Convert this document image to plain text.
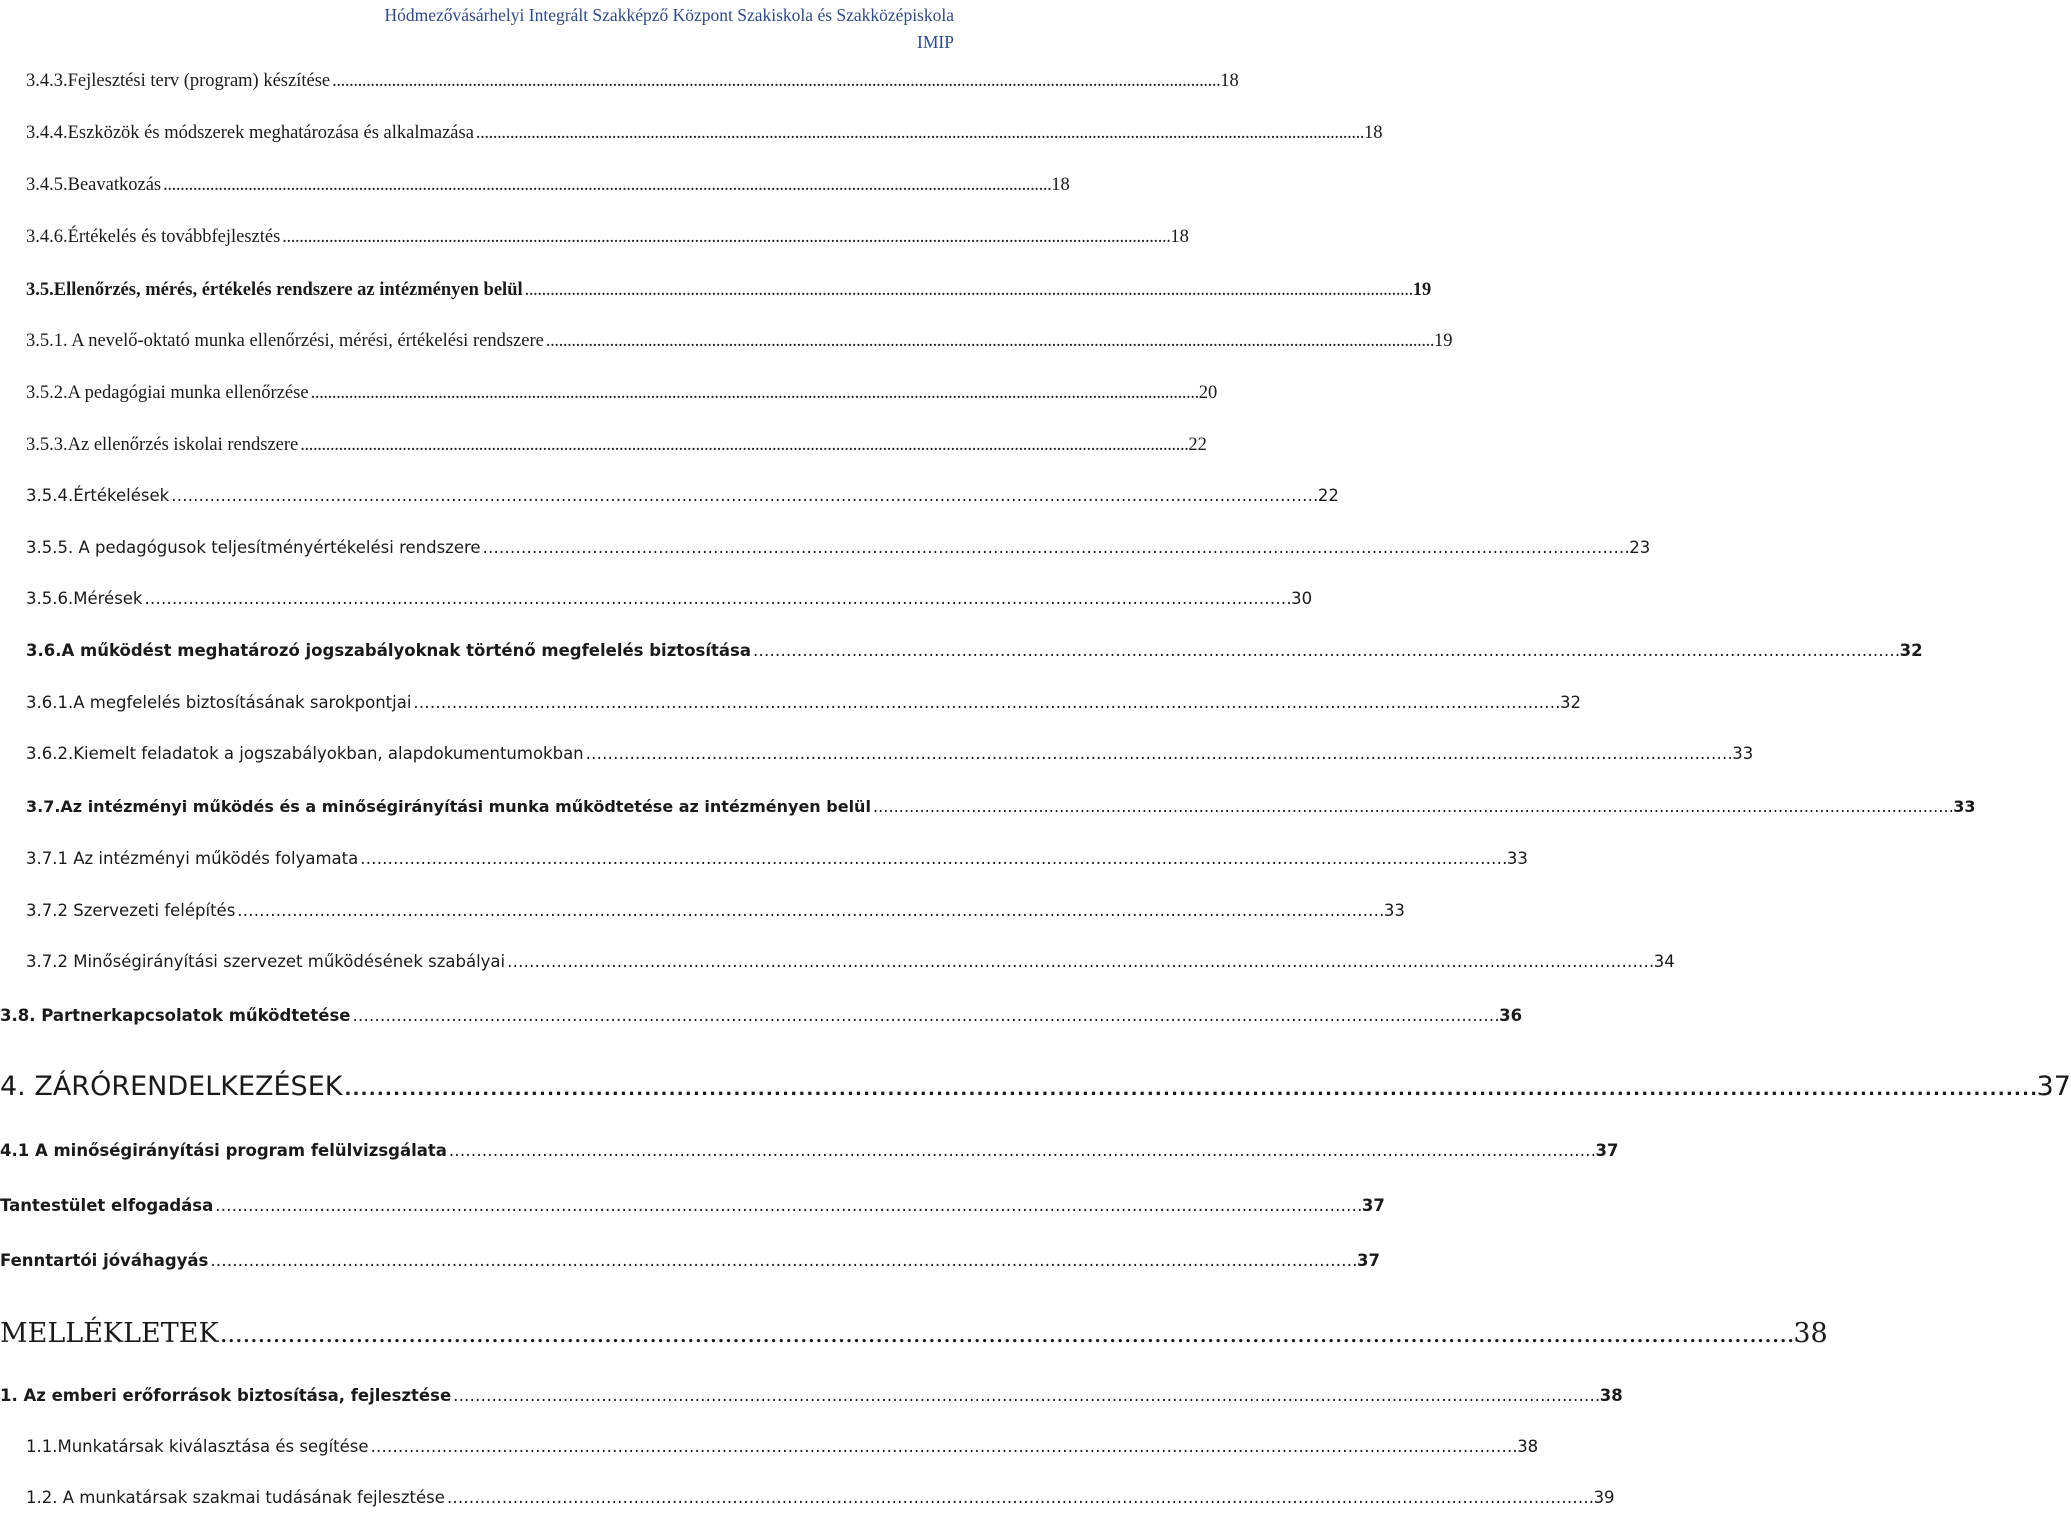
Hódmezővásárhelyi Integrált Szakképző Központ Szakiskola és Szakközépiskola
IMIP
3.4.3.Fejlesztési terv (program) készítése . . .	18
3.4.4.Eszközök és módszerek meghatározása és alkalmazása . . .	18
3.4.5.Beavatkozás . . .	18
3.4.6.Értékelés és továbbfejlesztés . . .	18
3.5.Ellenőrzés, mérés, értékelés rendszere az intézményen belül . . .	19
3.5.1. A nevelő-oktató munka ellenőrzési, mérési, értékelési rendszere . . .	19
3.5.2.A pedagógiai munka ellenőrzése . . .	20
3.5.3.Az ellenőrzés iskolai rendszere . . .	22
3.5.4.Értékelések . . .	22
3.5.5. A pedagógusok teljesítményértékelési rendszere . . .	23
3.5.6.Mérések . . .	30
3.6.A működést meghatározó jogszabályoknak történő megfelelés biztosítása . . .	32
3.6.1.A megfelelés biztosításának sarokpontjai . . .	32
3.6.2.Kiemelt feladatok a jogszabályokban, alapdokumentumokban . . .	33
3.7.Az intézményi működés és a minőségirányítási munka működtetése az intézményen belül . . .	33
3.7.1 Az intézményi működés folyamata . . .	33
3.7.2 Szervezeti felépítés . . .	33
3.7.2 Minőségirányítási szervezet működésének szabályai . . .	34
3.8. Partnerkapcsolatok működtetése . . .	36
4. ZÁRÓRENDELKEZÉSEK . . .	37
4.1 A minőségirányítási program felülvizsgálata . . .	37
Tantestület elfogadása . . .	37
Fenntartói jóváhagyás . . .	37
MELLÉKLETEK . . .	38
1. Az emberi erőforrások biztosítása, fejlesztése . . .	38
1.1.Munkatársak kiválasztása és segítése . . .	38
1.2. A munkatársak szakmai tudásának fejlesztése . . .	39
